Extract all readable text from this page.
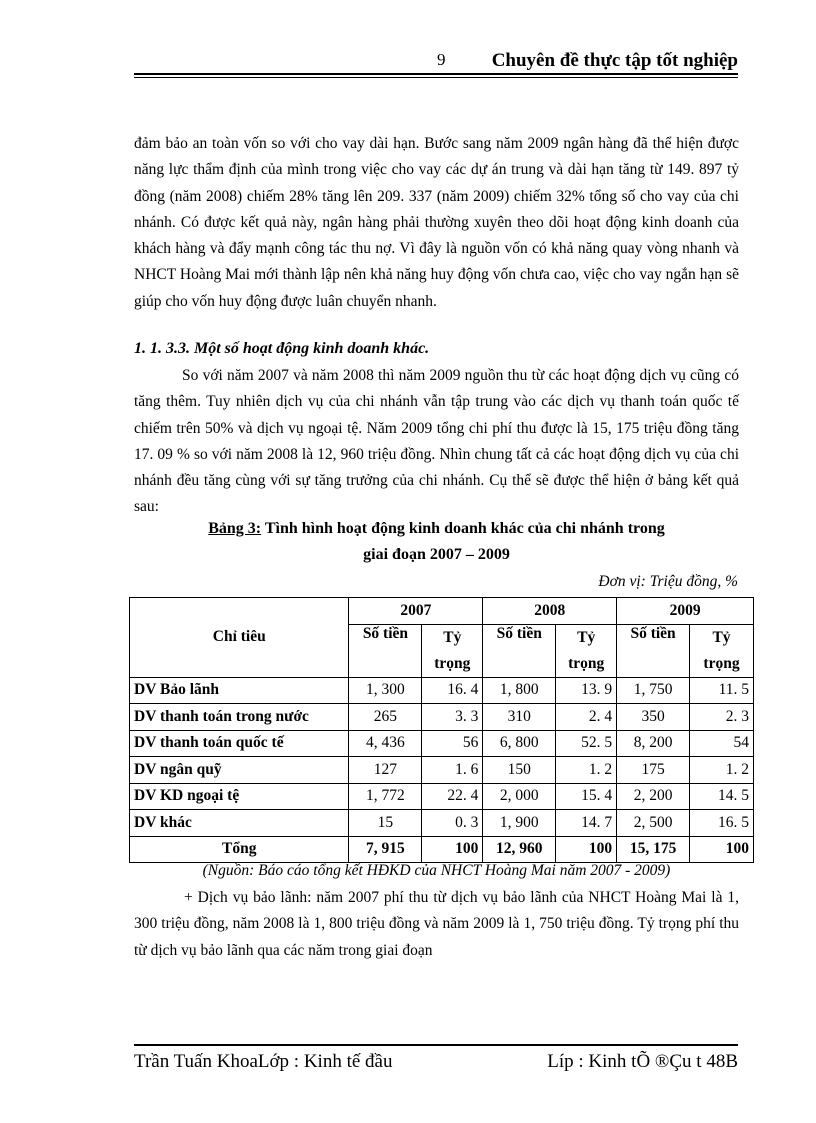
9 Chuyên đề thực tập tốt nghiệp
đảm bảo an toàn vốn so với cho vay dài hạn. Bước sang năm 2009 ngân hàng đã thể hiện được năng lực thẩm định của mình trong việc cho vay các dự án trung và dài hạn tăng từ 149. 897 tỷ đồng (năm 2008) chiếm 28% tăng lên 209. 337 (năm 2009) chiếm 32% tổng số cho vay của chi nhánh. Có được kết quả này, ngân hàng phải thường xuyên theo dõi hoạt động kinh doanh của khách hàng và đẩy mạnh công tác thu nợ. Vì đây là nguồn vốn có khả năng quay vòng nhanh và NHCT Hoàng Mai mới thành lập nên khả năng huy động vốn chưa cao, việc cho vay ngắn hạn sẽ giúp cho vốn huy động được luân chuyển nhanh.
1. 1. 3.3. Một số hoạt động kinh doanh khác.
So với năm 2007 và năm 2008 thì năm 2009 nguồn thu từ các hoạt động dịch vụ cũng có tăng thêm. Tuy nhiên dịch vụ của chi nhánh vẫn tập trung vào các dịch vụ thanh toán quốc tế chiếm trên 50% và dịch vụ ngoại tệ. Năm 2009 tổng chi phí thu được là 15, 175 triệu đồng tăng 17. 09 % so với năm 2008 là 12, 960 triệu đồng. Nhìn chung tất cả các hoạt động dịch vụ của chi nhánh đều tăng cùng với sự tăng trưởng của chi nhánh. Cụ thể sẽ được thể hiện ở bảng kết quả sau:
Bảng 3: Tình hình hoạt động kinh doanh khác của chi nhánh trong
giai đoạn 2007 – 2009
Đơn vị: Triệu đồng, %
Chỉ tiêu	2007		2008		2009	
	Số tiền	Tỷ trọng	Số tiền	Tỷ trọng	Số tiền	Tỷ trọng

DV Bảo lãnh	1, 300	16. 4	1, 800	13. 9	1, 750	11. 5
DV thanh toán trong nước	265	3. 3	310	2. 4	350	2. 3
DV thanh toán quốc tế	4, 436	56	6, 800	52. 5	8, 200	54
DV ngân quỹ	127	1. 6	150	1. 2	175	1. 2
DV KD ngoại tệ	1, 772	22. 4	2, 000	15. 4	2, 200	14. 5
DV khác	15	0. 3	1, 900	14. 7	2, 500	16. 5
Tổng	7, 915	100	12, 960	100	15, 175	100
(Nguồn: Báo cáo tổng kết HĐKD của NHCT Hoàng Mai năm 2007 - 2009)
+ Dịch vụ bảo lãnh: năm 2007 phí thu từ dịch vụ bảo lãnh của NHCT Hoàng Mai là 1, 300 triệu đồng, năm 2008 là 1, 800 triệu đồng và năm 2009 là 1, 750 triệu đồng. Tỷ trọng phí thu từ dịch vụ bảo lãnh qua các năm trong giai đoạn
Trần Tuấn KhoaLớp : Kinh tế đầu	Líp : Kinh tÕ ®Çu t 48B
